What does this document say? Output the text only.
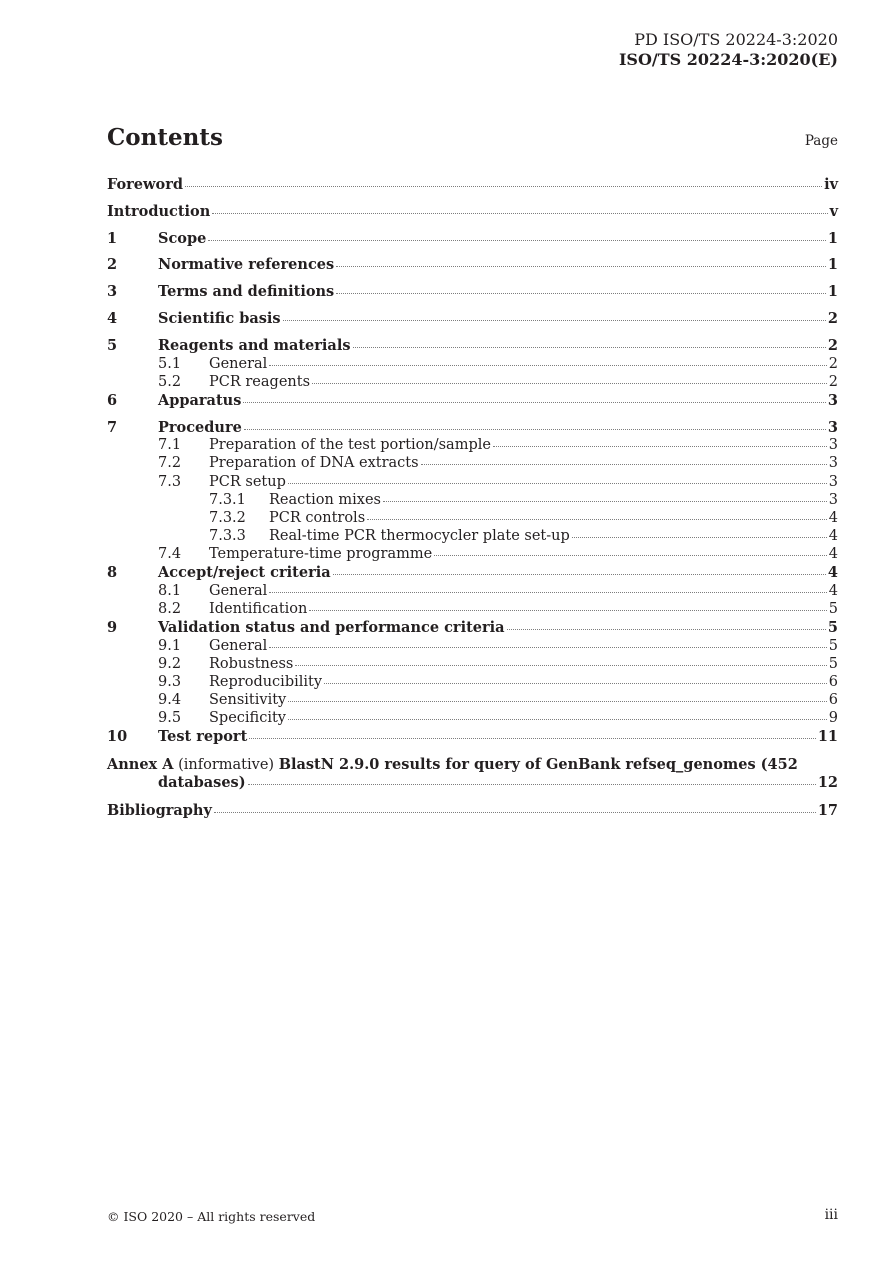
PD ISO/TS 20224-3:2020
ISO/TS 20224-3:2020(E)
Contents	Page
Foreword	iv
Introduction	v
1	Scope	1
2	Normative references	1
3	Terms and definitions	1
4	Scientific basis	2
5	Reagents and materials	2
5.1	General	2
5.2	PCR reagents	2
6	Apparatus	3
7	Procedure	3
7.1	Preparation of the test portion/sample	3
7.2	Preparation of DNA extracts	3
7.3	PCR setup	3
7.3.1	Reaction mixes	3
7.3.2	PCR controls	4
7.3.3	Real-time PCR thermocycler plate set-up	4
7.4	Temperature-time programme	4
8	Accept/reject criteria	4
8.1	General	4
8.2	Identification	5
9	Validation status and performance criteria	5
9.1	General	5
9.2	Robustness	5
9.3	Reproducibility	6
9.4	Sensitivity	6
9.5	Specificity	9
10	Test report	11
Annex A (informative) BlastN 2.9.0 results for query of GenBank refseq_genomes (452
databases)	12
Bibliography	17
© ISO 2020 – All rights reserved	iii
